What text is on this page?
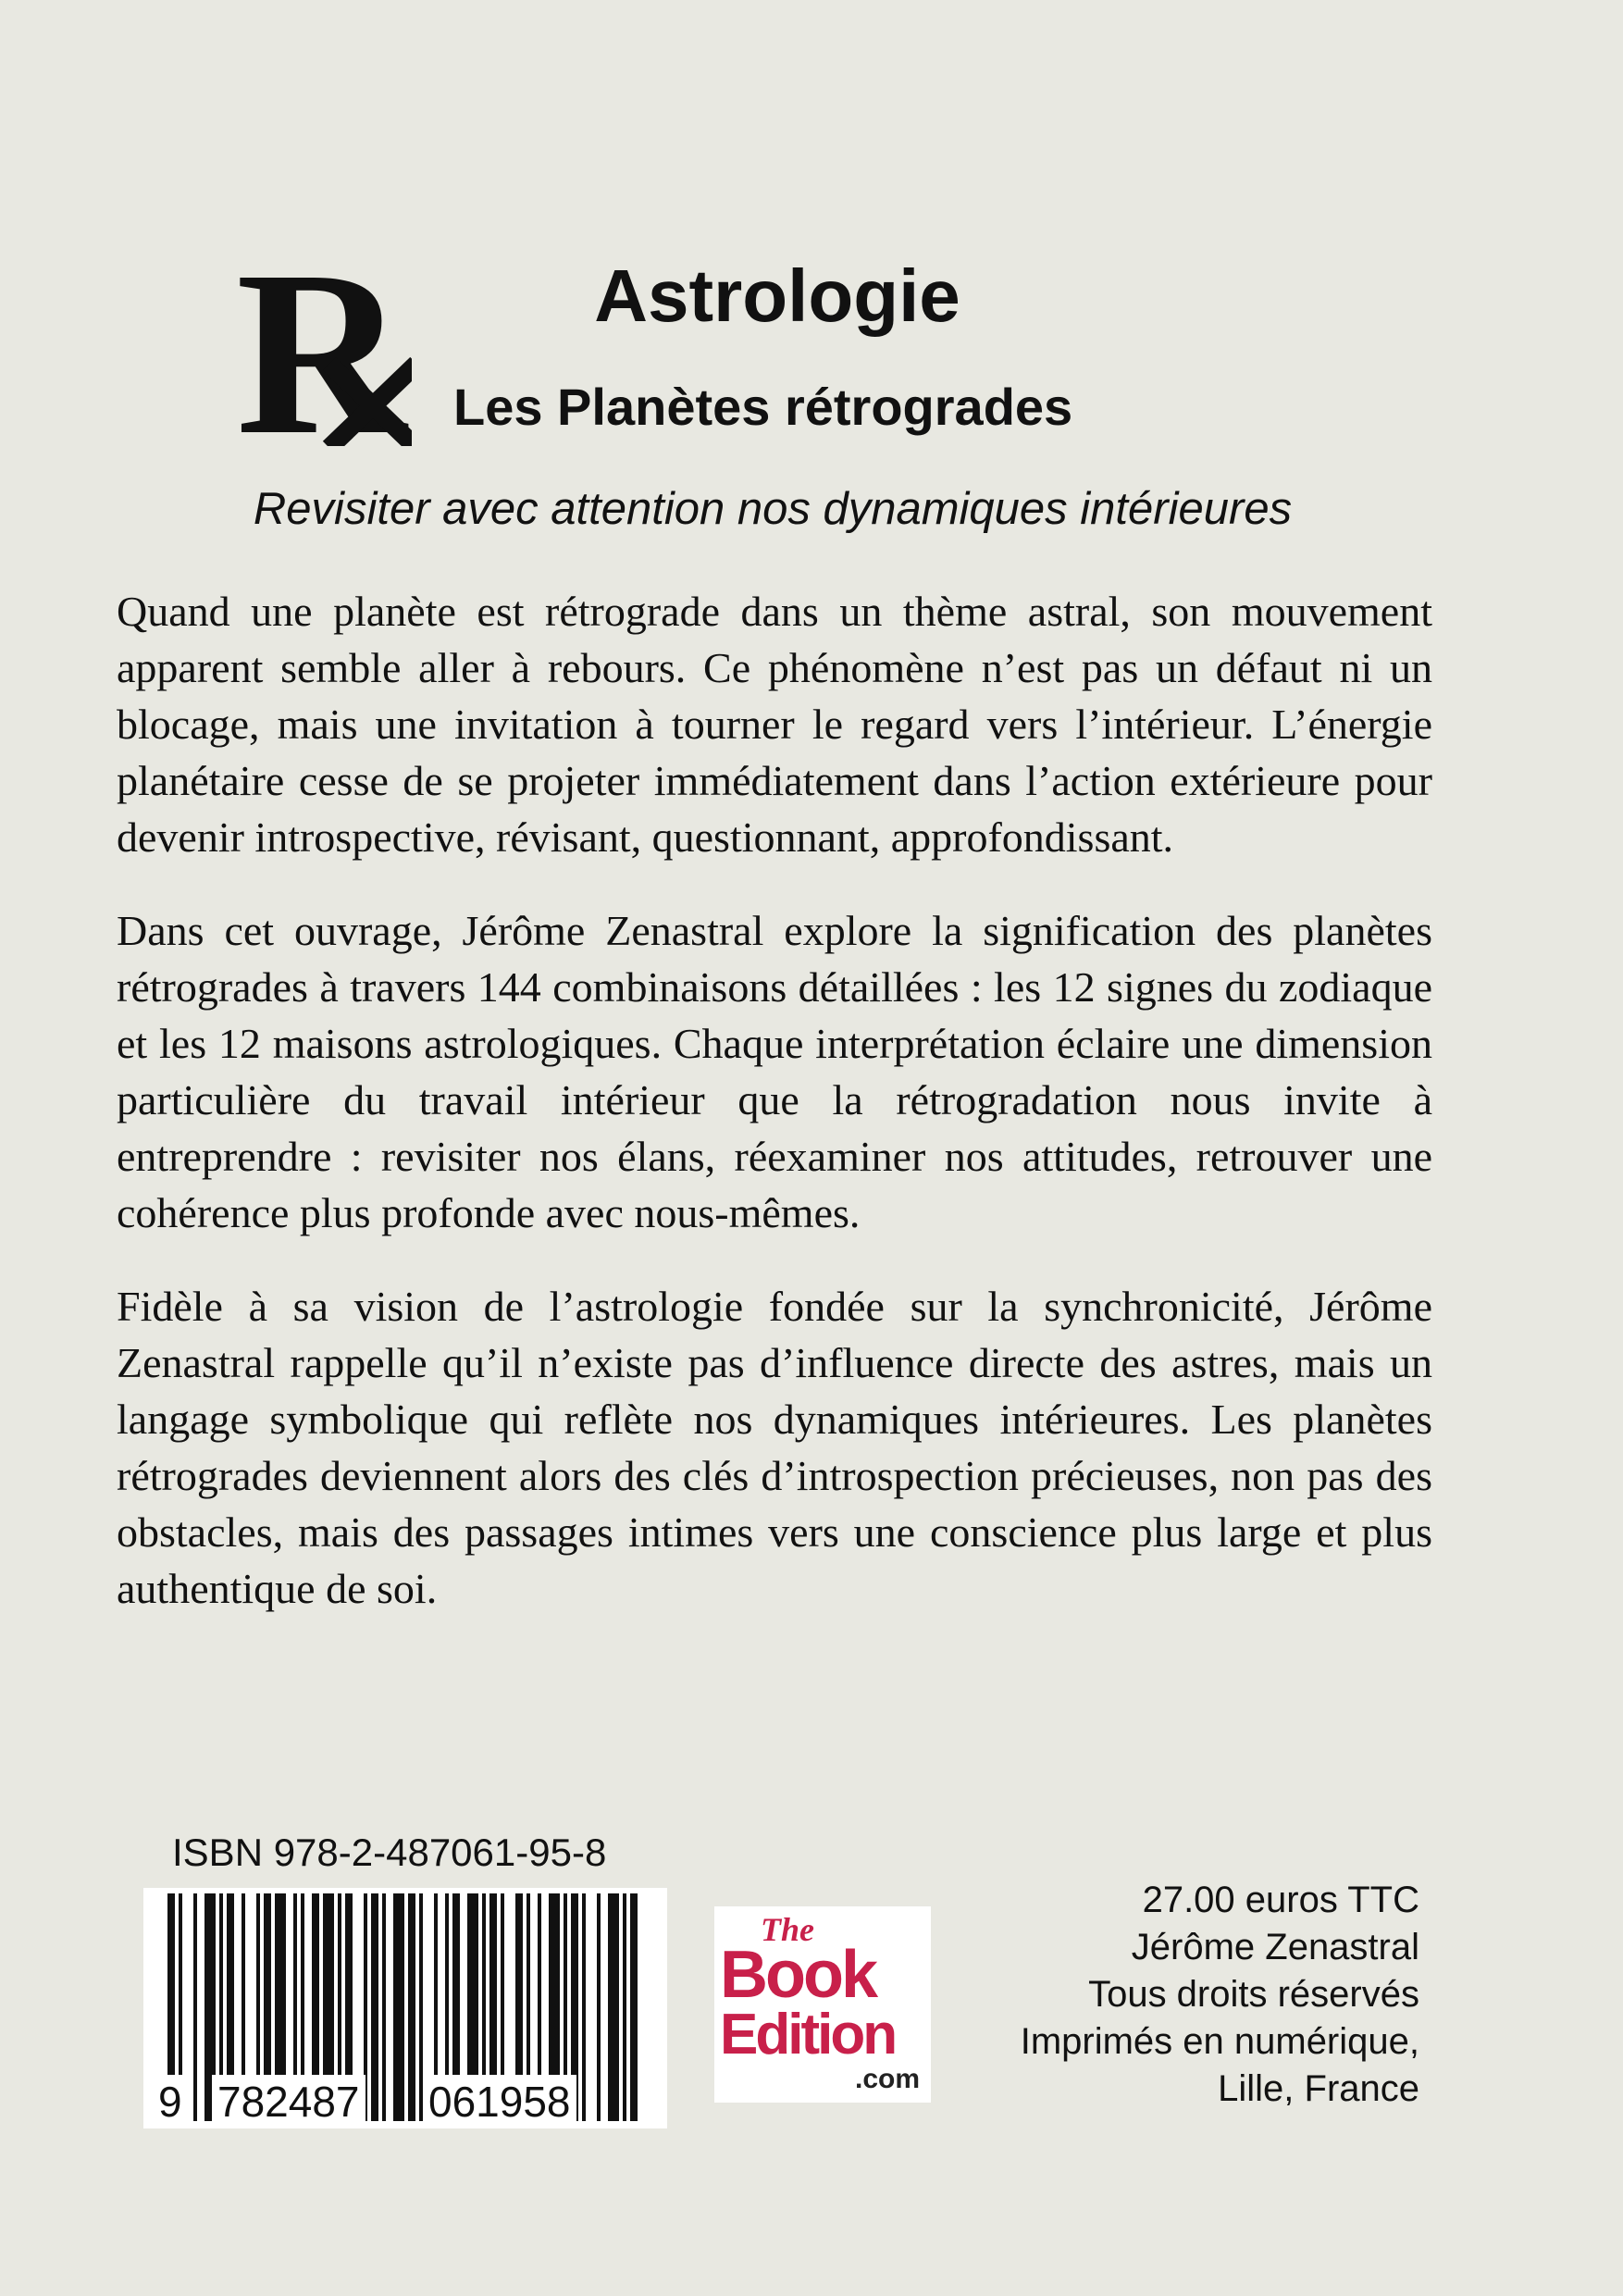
R	Astrologie
Les Planètes rétrogrades

Revisiter avec attention nos dynamiques intérieures

Quand une planète est rétrograde dans un thème astral, son mouvement apparent semble aller à rebours. Ce phénomène n’est pas un défaut ni un blocage, mais une invitation à tourner le regard vers l’intérieur. L’énergie planétaire cesse de se projeter immédiatement dans l’action extérieure pour devenir introspective, révisant, questionnant, approfondissant.

Dans cet ouvrage, Jérôme Zenastral explore la signification des planètes rétrogrades à travers 144 combinaisons détaillées : les 12 signes du zodiaque et les 12 maisons astrologiques. Chaque interprétation éclaire une dimension particulière du travail intérieur que la rétrogradation nous invite à entreprendre : revisiter nos élans, réexaminer nos attitudes, retrouver une cohérence plus profonde avec nous-mêmes.

Fidèle à sa vision de l’astrologie fondée sur la synchronicité, Jérôme Zenastral rappelle qu’il n’existe pas d’influence directe des astres, mais un langage symbolique qui reflète nos dynamiques intérieures. Les planètes rétrogrades deviennent alors des clés d’introspection précieuses, non pas des obstacles, mais des passages intimes vers une conscience plus large et plus authentique de soi.

ISBN 978-2-487061-95-8

9 782487 061958
The
Book
Edition
.com
27.00 euros TTC
Jérôme Zenastral
Tous droits réservés
Imprimés en numérique,
Lille, France
